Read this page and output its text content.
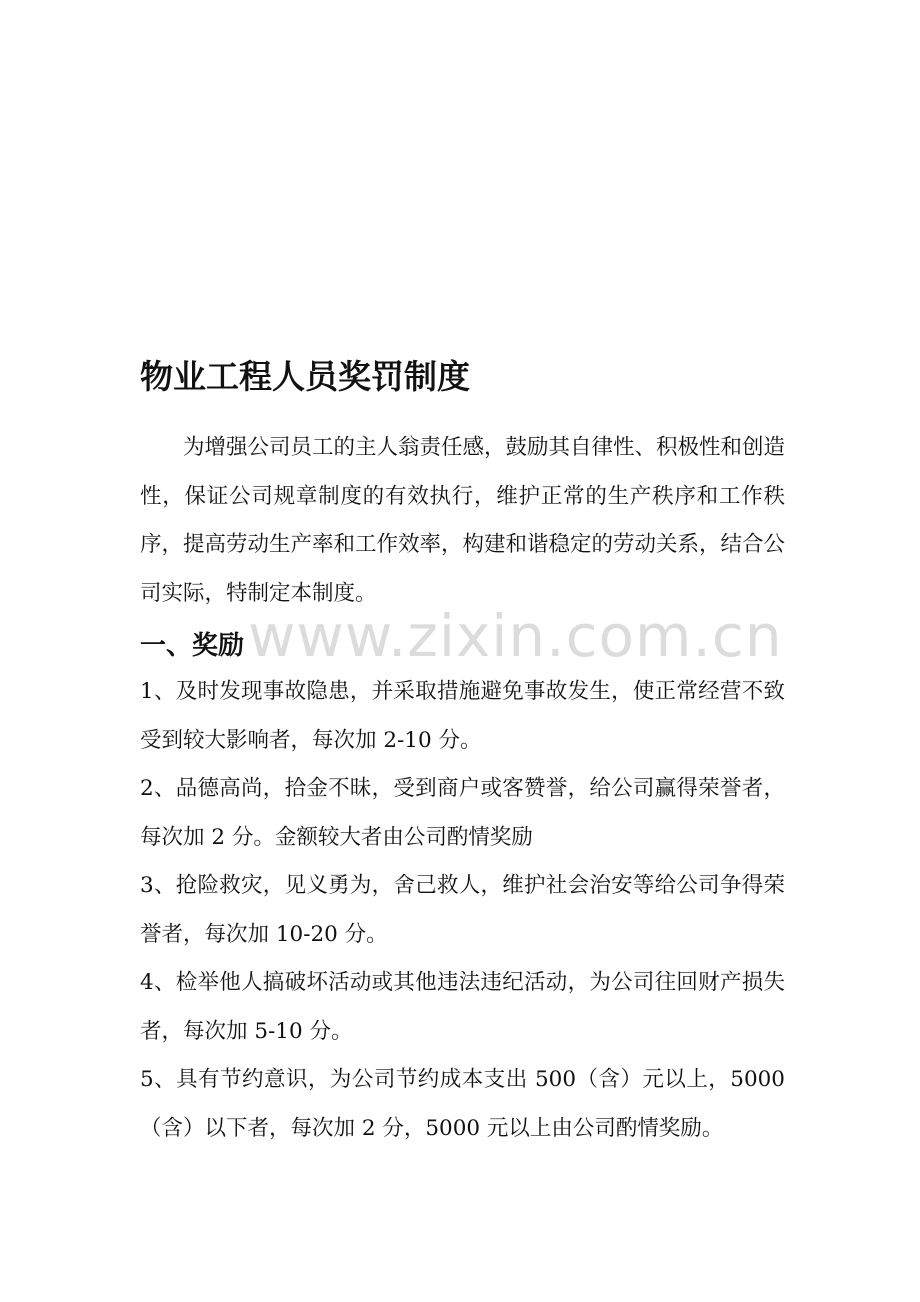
www.zixin.com.cn
物业工程人员奖罚制度

为增强公司员工的主人翁责任感，鼓励其自律性、积极性和创造性，保证公司规章制度的有效执行，维护正常的生产秩序和工作秩序，提高劳动生产率和工作效率，构建和谐稳定的劳动关系，结合公司实际，特制定本制度。

一、奖励

1、及时发现事故隐患，并采取措施避免事故发生，使正常经营不致受到较大影响者，每次加 2-10 分。

2、品德高尚，拾金不昧，受到商户或客赞誉，给公司赢得荣誉者，每次加 2 分。金额较大者由公司酌情奖励

3、抢险救灾，见义勇为，舍己救人，维护社会治安等给公司争得荣誉者，每次加 10-20 分。

4、检举他人搞破坏活动或其他违法违纪活动，为公司往回财产损失者，每次加 5-10 分。

5、具有节约意识，为公司节约成本支出 500（含）元以上，5000（含）以下者，每次加 2 分，5000 元以上由公司酌情奖励。
